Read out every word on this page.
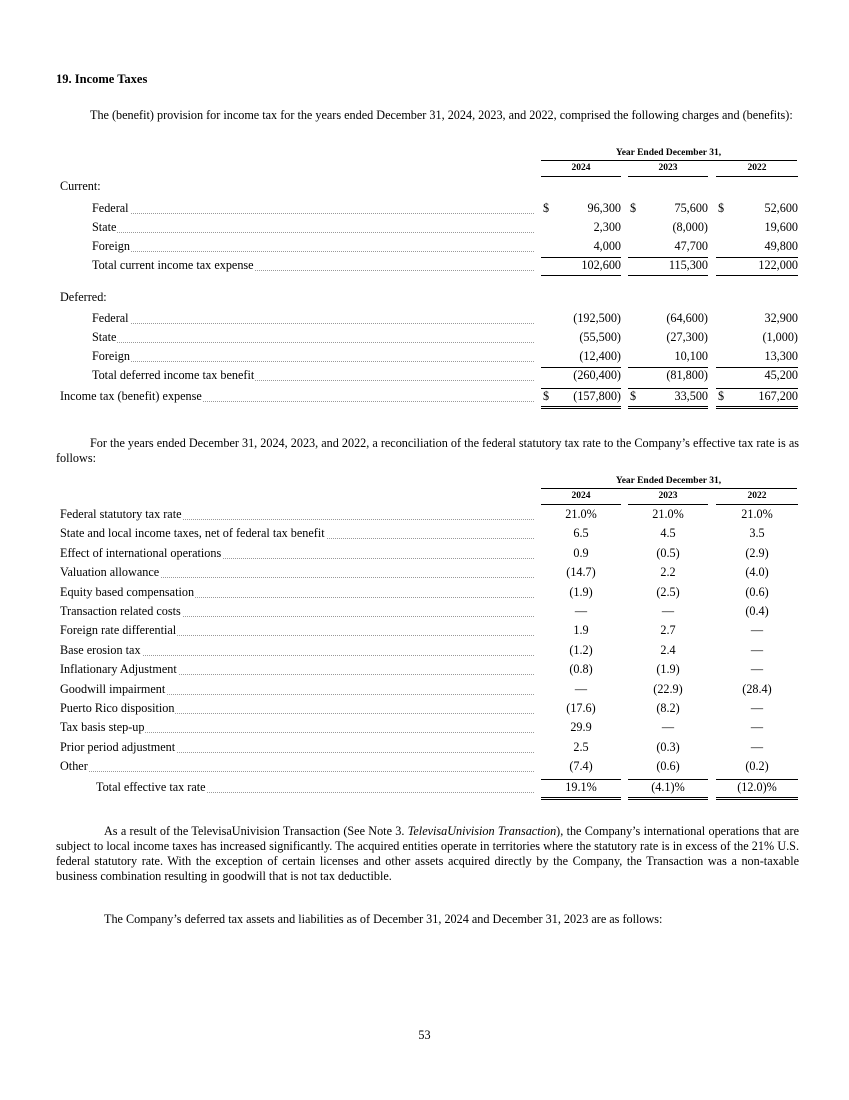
19. Income Taxes
The (benefit) provision for income tax for the years ended December 31, 2024, 2023, and 2022, comprised the following charges and (benefits):
Year Ended December 31,
2024	2023	2022
Current:
Federal	$	96,300 $	75,600 $	52,600
State	2,300	(8,000)	19,600
Foreign	4,000	47,700	49,800
Total current income tax expense	102,600	115,300	122,000
Deferred:
Federal	(192,500)	(64,600)	32,900
State	(55,500)	(27,300)	(1,000)
Foreign	(12,400)	10,100	13,300
Total deferred income tax benefit	(260,400)	(81,800)	45,200
Income tax (benefit) expense	$ (157,800) $	33,500 $	167,200
For the years ended December 31, 2024, 2023, and 2022, a reconciliation of the federal statutory tax rate to the Company’s effective tax rate is as follows:
Year Ended December 31,
2024	2023	2022
Federal statutory tax rate	21.0%	21.0%	21.0%
State and local income taxes, net of federal tax benefit	6.5	4.5	3.5
Effect of international operations	0.9	(0.5)	(2.9)
Valuation allowance	(14.7)	2.2	(4.0)
Equity based compensation	(1.9)	(2.5)	(0.6)
Transaction related costs	—	—	(0.4)
Foreign rate differential	1.9	2.7	—
Base erosion tax	(1.2)	2.4	—
Inflationary Adjustment	(0.8)	(1.9)	—
Goodwill impairment	—	(22.9)	(28.4)
Puerto Rico disposition	(17.6)	(8.2)	—
Tax basis step-up	29.9	—	—
Prior period adjustment	2.5	(0.3)	—
Other	(7.4)	(0.6)	(0.2)
Total effective tax rate	19.1%	(4.1)%	(12.0)%
As a result of the TelevisaUnivision Transaction (See Note 3. TelevisaUnivision Transaction), the Company’s international operations that are subject to local income taxes has increased significantly. The acquired entities operate in territories where the statutory rate is in excess of the 21% U.S. federal statutory rate. With the exception of certain licenses and other assets acquired directly by the Company, the Transaction was a non-taxable business combination resulting in goodwill that is not tax deductible.
The Company’s deferred tax assets and liabilities as of December 31, 2024 and December 31, 2023 are as follows:
53
